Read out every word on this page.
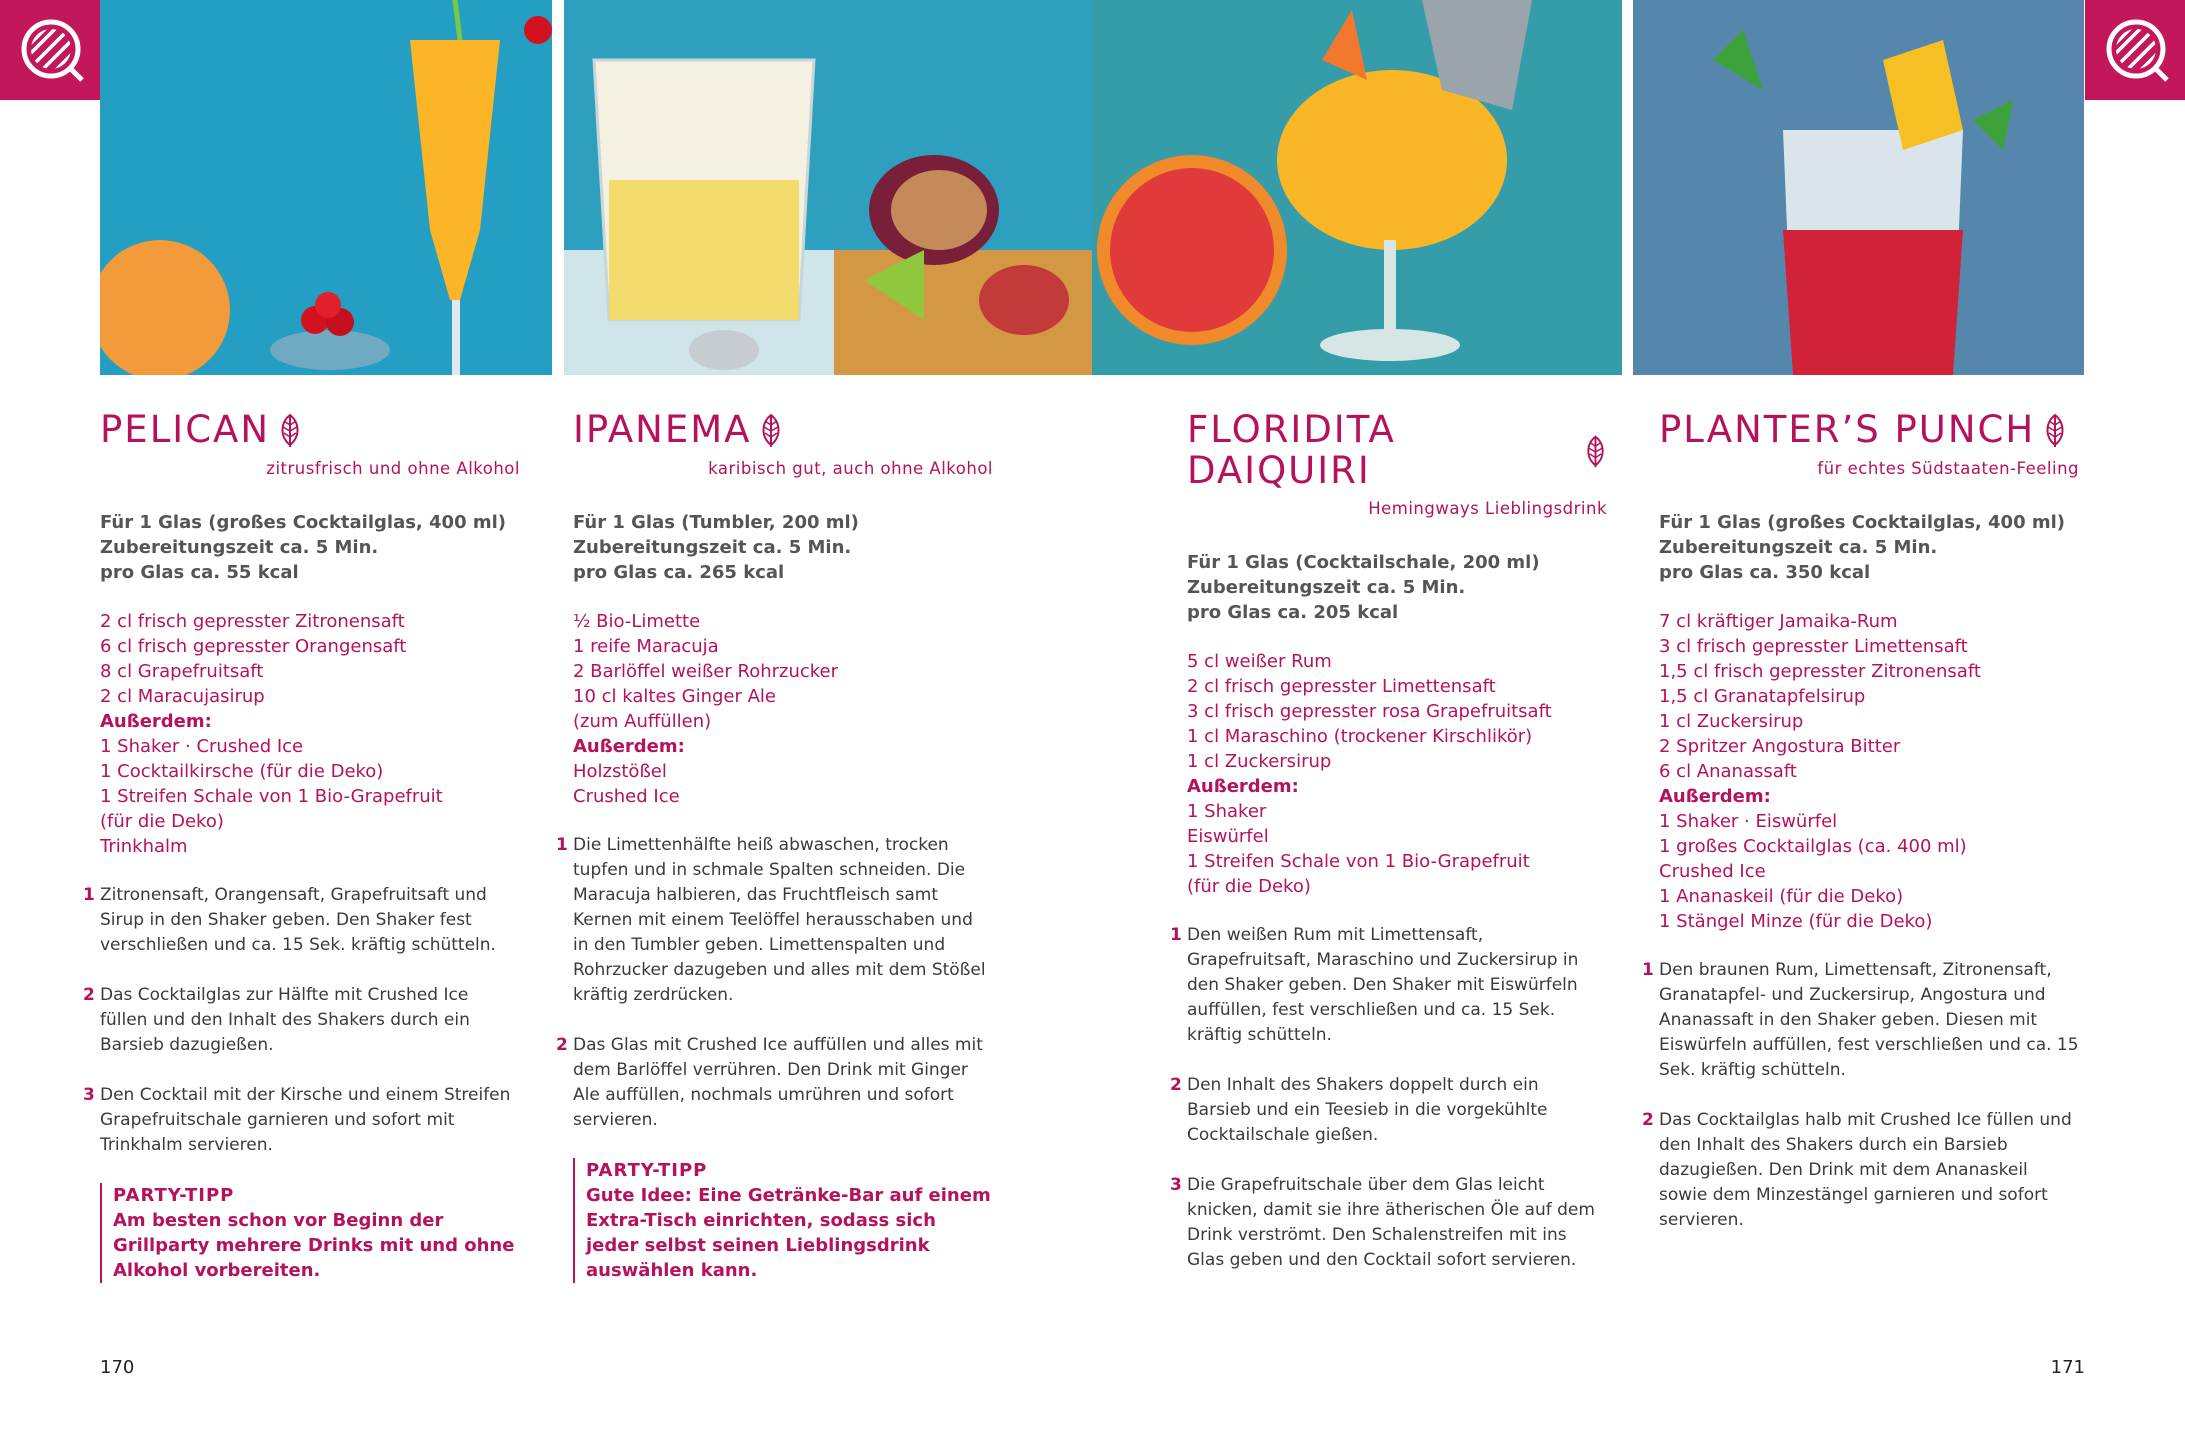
PELICAN
zitrusfrisch und ohne Alkohol
Für 1 Glas (großes Cocktailglas, 400 ml)
Zubereitungszeit ca. 5 Min.
pro Glas ca. 55 kcal
2 cl frisch gepresster Zitronensaft
6 cl frisch gepresster Orangensaft
8 cl Grapefruitsaft
2 cl Maracujasirup
Außerdem:
1 Shaker · Crushed Ice
1 Cocktailkirsche (für die Deko)
1 Streifen Schale von 1 Bio-Grapefruit
(für die Deko)
Trinkhalm
1 Zitronensaft, Orangensaft, Grapefruitsaft und Sirup in den Shaker geben. Den Shaker fest verschließen und ca. 15 Sek. kräftig schütteln.
2 Das Cocktailglas zur Hälfte mit Crushed Ice füllen und den Inhalt des Shakers durch ein Barsieb dazugießen.
3 Den Cocktail mit der Kirsche und einem Streifen Grapefruitschale garnieren und sofort mit Trinkhalm servieren.
PARTY-TIPP
Am besten schon vor Beginn der Grillparty mehrere Drinks mit und ohne Alkohol vorbereiten.
IPANEMA
karibisch gut, auch ohne Alkohol
Für 1 Glas (Tumbler, 200 ml)
Zubereitungszeit ca. 5 Min.
pro Glas ca. 265 kcal
½ Bio-Limette
1 reife Maracuja
2 Barlöffel weißer Rohrzucker
10 cl kaltes Ginger Ale
(zum Auffüllen)
Außerdem:
Holzstößel
Crushed Ice
1 Die Limettenhälfte heiß abwaschen, trocken tupfen und in schmale Spalten schneiden. Die Maracuja halbieren, das Fruchtfleisch samt Kernen mit einem Teelöffel herausschaben und in den Tumbler geben. Limettenspalten und Rohrzucker dazugeben und alles mit dem Stößel kräftig zerdrücken.
2 Das Glas mit Crushed Ice auffüllen und alles mit dem Barlöffel verrühren. Den Drink mit Ginger Ale auffüllen, nochmals umrühren und sofort servieren.
PARTY-TIPP
Gute Idee: Eine Getränke-Bar auf einem Extra-Tisch einrichten, sodass sich jeder selbst seinen Lieblingsdrink auswählen kann.
FLORIDITA DAIQUIRI
Hemingways Lieblingsdrink
Für 1 Glas (Cocktailschale, 200 ml)
Zubereitungszeit ca. 5 Min.
pro Glas ca. 205 kcal
5 cl weißer Rum
2 cl frisch gepresster Limettensaft
3 cl frisch gepresster rosa Grapefruitsaft
1 cl Maraschino (trockener Kirschlikör)
1 cl Zuckersirup
Außerdem:
1 Shaker
Eiswürfel
1 Streifen Schale von 1 Bio-Grapefruit
(für die Deko)
1 Den weißen Rum mit Limettensaft, Grapefruitsaft, Maraschino und Zuckersirup in den Shaker geben. Den Shaker mit Eiswürfeln auffüllen, fest verschließen und ca. 15 Sek. kräftig schütteln.
2 Den Inhalt des Shakers doppelt durch ein Barsieb und ein Teesieb in die vorgekühlte Cocktailschale gießen.
3 Die Grapefruitschale über dem Glas leicht knicken, damit sie ihre ätherischen Öle auf dem Drink verströmt. Den Schalenstreifen mit ins Glas geben und den Cocktail sofort servieren.
PLANTER’S PUNCH
für echtes Südstaaten-Feeling
Für 1 Glas (großes Cocktailglas, 400 ml)
Zubereitungszeit ca. 5 Min.
pro Glas ca. 350 kcal
7 cl kräftiger Jamaika-Rum
3 cl frisch gepresster Limettensaft
1,5 cl frisch gepresster Zitronensaft
1,5 cl Granatapfelsirup
1 cl Zuckersirup
2 Spritzer Angostura Bitter
6 cl Ananassaft
Außerdem:
1 Shaker · Eiswürfel
1 großes Cocktailglas (ca. 400 ml)
Crushed Ice
1 Ananaskeil (für die Deko)
1 Stängel Minze (für die Deko)
1 Den braunen Rum, Limettensaft, Zitronensaft, Granatapfel- und Zuckersirup, Angostura und Ananassaft in den Shaker geben. Diesen mit Eiswürfeln auffüllen, fest verschließen und ca. 15 Sek. kräftig schütteln.
2 Das Cocktailglas halb mit Crushed Ice füllen und den Inhalt des Shakers durch ein Barsieb dazugießen. Den Drink mit dem Ananaskeil sowie dem Minzestängel garnieren und sofort servieren.
170	171
